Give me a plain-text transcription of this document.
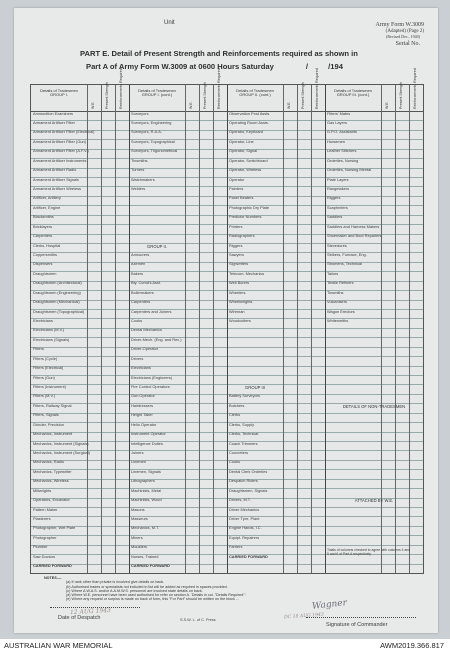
Unit	Army Form W.3009
(Adapted) (Page 2)
(Revised Dec., 1940)
Serial No.
PART E. Detail of Present Strength and Reinforcements required as shown in
Part A of Army Form W.3009 at 0600 Hours Saturday	/	/194
Details of Tradesmen GROUP I.
W.E.	Present Strength	Reinforcements Required
Ammunition Examiners
Armament Artificer Fitter
Armament Artificer Fitter (Electrical)
Armament Artificer Fitter (Gun)
Armament Artificer Fitter (A.F.V.)
Armament Artificer Instruments
Armament Artificer Radio
Armament Artificer Signals
Armament Artificer Wireless
Artificer, Artillery
Artificer, Engine
Blacksmiths
Bricklayers
Carpenters
Clerks, Hospital
Coppersmiths
Dispensers
Draughtsmen
Draughtsmen (Architectural)
Draughtsmen (Engineering)
Draughtsmen (Mechanical)
Draughtsmen (Topographical)
Electricians
Electricians (M.V.)
Electricians (Signals)
Fitters
Fitters (Cycle)
Fitters (Electrical)
Fitters (Gun)
Fitters (Instrument)
Fitters (M.V.)
Fitters, Railway Signal
Fitters, Signals
Grinder, Precision
Mechanics, Instrument
Mechanics, Instrument (Signals)
Mechanics, Instrument (Surgical)
Mechanics, Radio
Mechanics, Typewriter
Mechanics, Wireless
Millwrights
Operators, Excavator
Pattern Maker
Plasterers
Photographer, Wet Plate
Photographer
Plumber
Saw Doctors
CARRIED FORWARD
Details of Tradesmen GROUP I. (cont.)
W.E.	Present Strength	Reinforcements Required
Surveyors
Surveyors, Engineering
Surveyors, R.A.A.
Surveyors, Topographical
Surveyors, Trigonometrical
Tinsmiths
Turners
Watchmakers
Welders
GROUP II.
Armourers
Axemen
Bakers
Bty. Comd's Asst.
Boilermakers
Carpenters
Carpenters and Joiners
Cooks
Dental Mechanics
Driver-Mech. (Eng. and Rec.)
Driver-Operator
Drivers
Electricians
Electricians (Engineers)
Fire Control Operators
Gun Operator
Hairdressers
Height Taker
Helio Operator
Instrument Operator
Intelligence Duties
Joiners
Linemen
Linemen, Signals
Lithographers
Machinists, Metal
Machinists, Wood
Masons
Masseurs
Mechanics, M.T.
Miners
Moulders
Nurses, Trained
CARRIED FORWARD
Details of Tradesmen GROUP II. (cont.)
W.E.	Present Strength	Reinforcements Required
Observation Post Assts.
Operating Room Assts.
Operator, Keyboard
Operator, Line
Operator, Signal
Operator, Switchboard
Operator, Wireless
Operator
Painters
Panel Beaters
Photographic Dry Plate
Predictor Numbers
Printers
Radiographers
Riggers
Sawyers
Signwriters
Telecom. Mechanics
Well Borers
Wheelers
Wheelwrights
Wireman
Woodcutters
GROUP III
Battery Surveyors
Butchers
Clerks
Clerks, Supply
Clerks, Technical
Coach Trimmers
Concreters
Cooks
Dental Clerk Orderlies
Despatch Riders
Draughtsmen, Signals
Drivers, M.T.
Driver Mechanics
Driver Tpre. Plant
Engine Hands, I.C.
Equipt. Repairers
Farriers
CARRIED FORWARD
Details of Tradesmen GROUP III. (cont.)
W.E.	Present Strength	Reinforcements Required
Fitters' Mates
Gas Layers
G.P.O. Assistants
Horsemen
Leather Stitchers
Orderlies, Nursing
Orderlies, Nursing Mental
Plate Layers
Rangetakers
Riggers
Scaphrelers
Saddlers
Saddlers and Harness Makers
Shoemaker and Boot Repairers
Stevedores
Strikers, Furnace, Eng.
Strumens, Technical
Tailors
Textile Refiners
Tinsmiths
Vulcanisers
Wagon Erectors
Whitesmiths
DETAILS OF NON-TRADESMEN
ATTACHED BY W.E.
Totals of columns checked to agree with columns 4 and 5 and 6 of Part A respectively.
NOTES.—
(a) If rank other than private is involved give details on back.
(b) Authorised trades or specialists not included in list will be added as required in spaces provided.
(c) Where A.W.A.S. and/or A.A.M.W.S. personnel are involved state details on back.
(d) Where W.E. personnel have been used authorised for refer on section A. 'Details in col. "Details Required".'
(e) Where any request or surplus is made on back of form, this "For Part" should be written on the block ...
12 AUG 1943
Date of Despatch	S.S.W. L. of C. Press
Wagner
DC 18 AUG 1943
Signature of Commander
AUSTRALIAN WAR MEMORIAL	AWM2019.366.817
